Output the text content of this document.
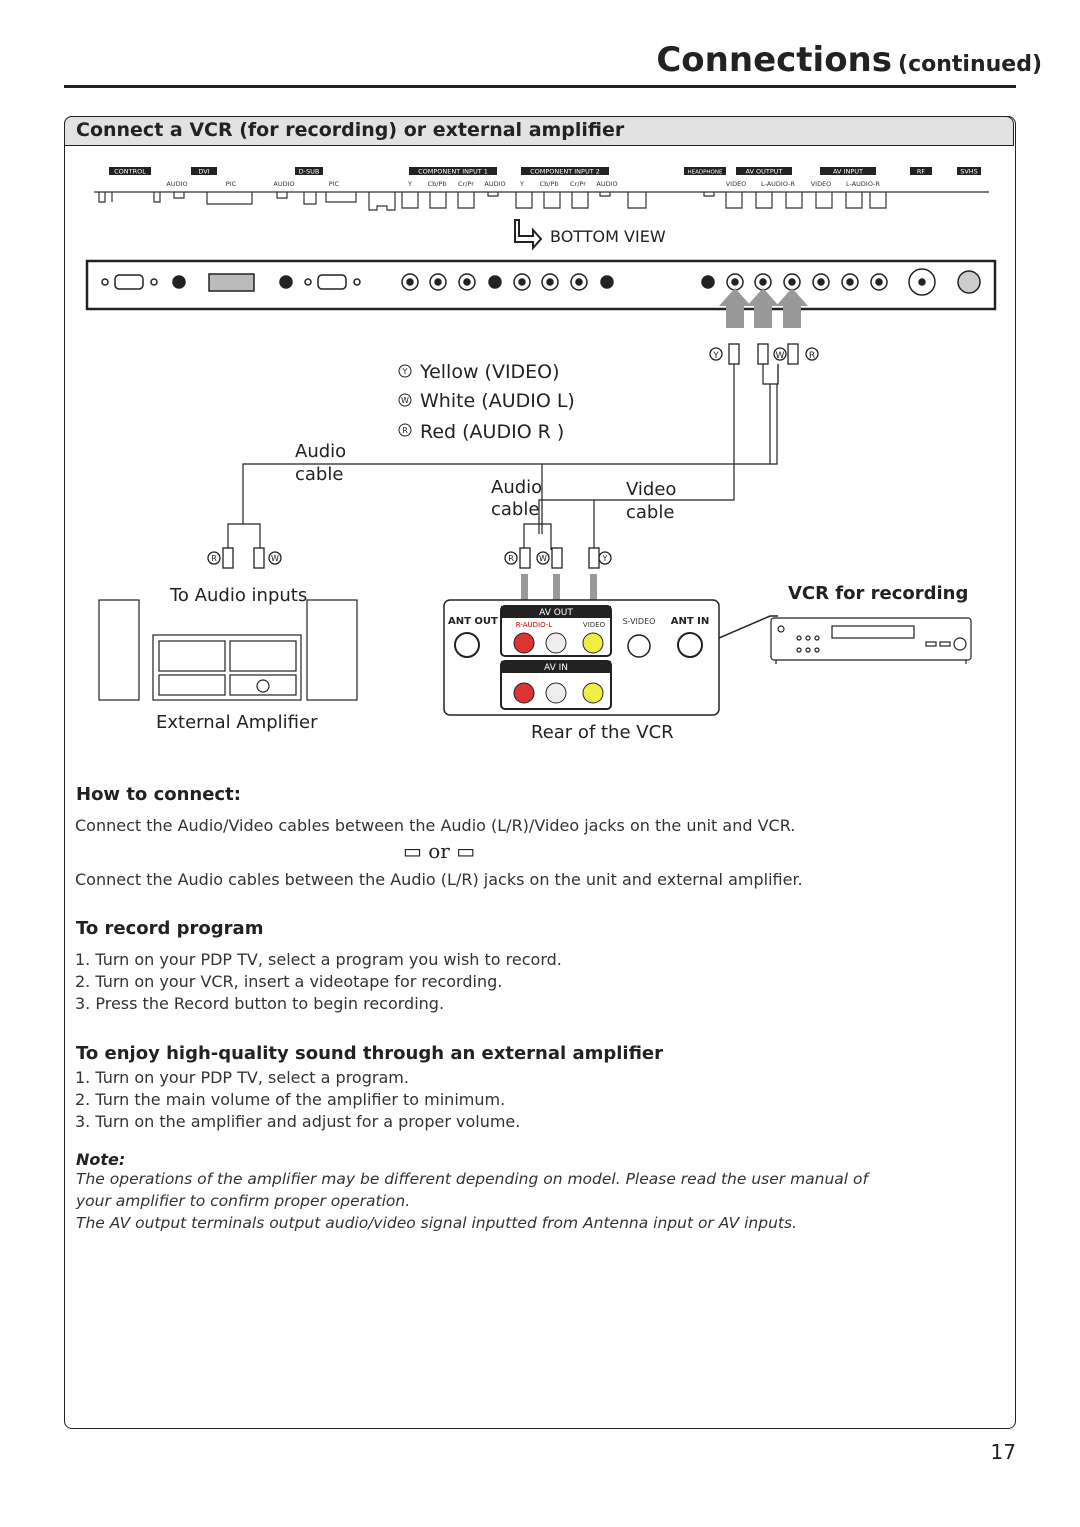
Connections (continued)
Connect a VCR (for recording) or external amplifier
CONTROL	DVI	D-SUB	COMPONENT INPUT 1	COMPONENT INPUT 2	HEADPHONE	AV OUTPUT	AV INPUT	RF	SVHS
AUDIO	PIC	AUDIO	PIC	Y Cb/Pb Cr/Pr AUDIO Y Cb/Pb Cr/Pr AUDIO	VIDEO L-AUDIO-R VIDEO L-AUDIO-R
BOTTOM VIEW
Y	W	R
Y Yellow (VIDEO)
W White (AUDIO L)
R Red (AUDIO R )
Audio
cable
Audio
cable
Video
cable
R	W	R	W	Y
To Audio inputs
External Amplifier
ANT OUT
AV OUT
R-AUDIO-L	VIDEO
AV IN
S-VIDEO ANT IN
VCR for recording
Rear of the VCR
How to connect:
Connect the Audio/Video cables between the Audio (L/R)/Video jacks on the unit and VCR.
▭ or ▭
Connect the Audio cables between the Audio (L/R) jacks on the unit and external amplifier.
To record program
1. Turn on your PDP TV, select a program you wish to record.
2. Turn on your VCR, insert a videotape for recording.
3. Press the Record button to begin recording.
To enjoy high-quality sound through an external amplifier
1. Turn on your PDP TV, select a program.
2. Turn the main volume of the amplifier to minimum.
3. Turn on the amplifier and adjust for a proper volume.
Note:
The operations of the amplifier may be different depending on model. Please read the user manual of
your amplifier to confirm proper operation.
The AV output terminals output audio/video signal inputted from Antenna input or AV inputs.
17
